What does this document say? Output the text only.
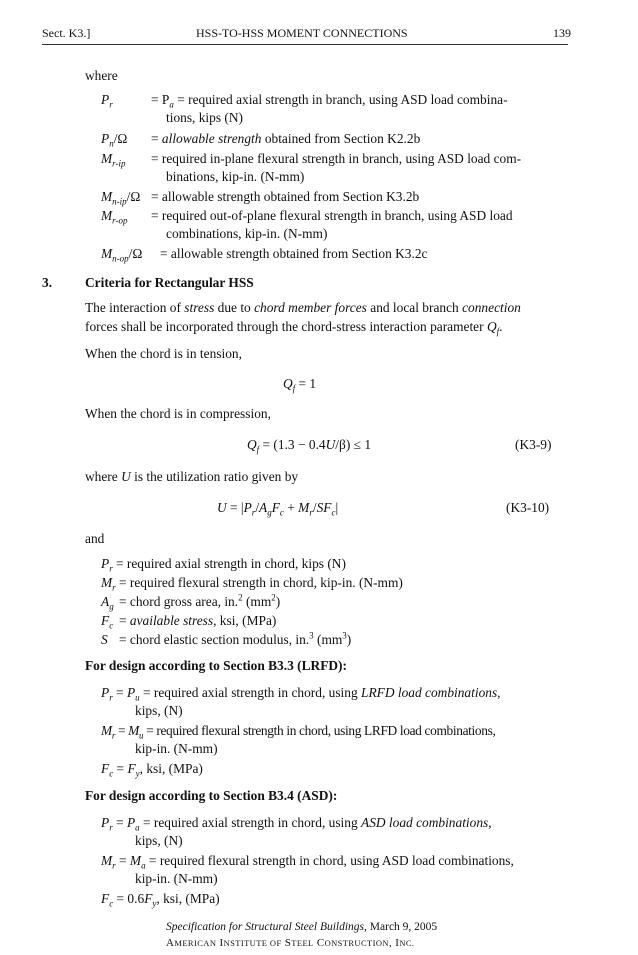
Sect. K3.]	HSS-TO-HSS MOMENT CONNECTIONS	139
where
$P_r$	= $P_a$ = required axial strength in branch, using ASD load combina-
tions, kips (N)
$P_n/\Omega$ = allowable strength obtained from Section K2.2b
$M_{r-ip}$ = required in-plane flexural strength in branch, using ASD load com-
binations, kip-in. (N-mm)
$M_{n-ip}/\Omega$ = allowable strength obtained from Section K3.2b
$M_{r-op}$ = required out-of-plane flexural strength in branch, using ASD load
combinations, kip-in. (N-mm)
$M_{n-op}/\Omega$ = allowable strength obtained from Section K3.2c
3. Criteria for Rectangular HSS
The interaction of stress due to chord member forces and local branch connection
forces shall be incorporated through the chord-stress interaction parameter $Q_f$.
When the chord is in tension,
$Q_f = 1$
When the chord is in compression,
$Q_f = (1.3 - 0.4U/\beta) \le 1$	(K3-9)
where U is the utilization ratio given by
$U = |P_r/A_gF_c + M_r/SF_c|$	(K3-10)
and
$P_r$ = required axial strength in chord, kips (N)
$M_r$ = required flexural strength in chord, kip-in. (N-mm)
$A_g$ = chord gross area, in.$^2$ $(mm^2)$
$F_c$ = available stress, ksi, (MPa)
S = chord elastic section modulus, in.$^3$ $(mm^3)$
For design according to Section B3.3 (LRFD):
$P_r = P_u$ = required axial strength in chord, using LRFD load combinations,
kips, (N)
$M_r = M_u$ = required flexural strength in chord, using LRFD load combinations,
kip-in. (N-mm)
$F_c = F_y$, ksi, (MPa)
For design according to Section B3.4 (ASD):
$P_r = P_a$ = required axial strength in chord, using ASD load combinations,
kips, (N)
$M_r = M_a$ = required flexural strength in chord, using ASD load combinations,
kip-in. (N-mm)
$F_c = 0.6F_y$, ksi, (MPa)
Specification for Structural Steel Buildings, March 9, 2005
AMERICAN INSTITUTE OF STEEL CONSTRUCTION, INC.
